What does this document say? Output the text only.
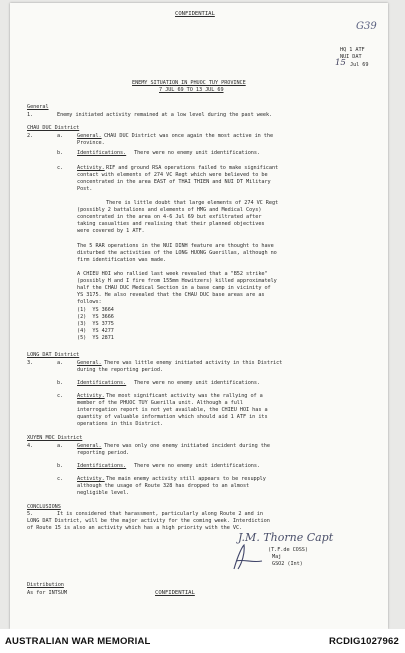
CONFIDENTIAL
G39
HQ 1 ATF
NUI DAT
15 Jul 69
ENEMY SITUATION IN PHUOC TUY PROVINCE
7 JUL 69 TO 13 JUL 69
General
1.	Enemy initiated activity remained at a low level during the past week.
CHAU DUC District
2.	a.	General. CHAU DUC District was once again the most active in the
Province.
b.	Identifications. There were no enemy unit identifications.
c.	Activity. RIF and ground RSA operations failed to make significant
contact with elements of 274 VC Regt which were believed to be
concentrated in the area EAST of THAI THIEN and NUI DT Military
Post.
There is little doubt that large elements of 274 VC Regt
(possibly 2 battalions and elements of HMG and Medical Coys)
concentrated in the area on 4-6 Jul 69 but exfiltrated after
taking casualties and realising that their planned objectives
were covered by 1 ATF.
The 5 RAR operations in the NUI DINH feature are thought to have
disturbed the activities of the LONG HUONG Guerillas, although no
firm identification was made.
A CHIEU HOI who rallied last week revealed that a "B52 strike"
(possibly H and I fire from 155mm Howitzers) killed approximately
half the CHAU DUC Medical Section in a base camp in vicinity of
YS 3175. He also revealed that the CHAU DUC base areas are as
follows:
(1)  YS 3664
(2)  YS 3666
(3)  YS 3775
(4)  YS 4277
(5)  YS 2871
LONG DAT District
3.	a.	General. There was little enemy initiated activity in this District
during the reporting period.
b.	Identifications. There were no enemy unit identifications.
c.	Activity. The most significant activity was the rallying of a
member of the PHUOC TUY Guerilla unit. Although a full
interrogation report is not yet available, the CHIEU HOI has a
quantity of valuable information which should aid 1 ATF in its
operations in this District.
XUYEN MOC District
4.	a.	General. There was only one enemy initiated incident during the
reporting period.
b.	Identifications. There were no enemy unit identifications.
c.	Activity. The main enemy activity still appears to be resupply
although the usage of Route 328 has dropped to an almost
negligible level.
CONCLUSIONS
5.	It is considered that harassment, particularly along Route 2 and in
LONG DAT District, will be the major activity for the coming week. Interdiction
of Route 15 is also an activity which has a high priority with the VC.
J.M. Thorne Capt
(T.F.de COSS)
Maj
GSO2 (Int)
Distribution
As for INTSUM	CONFIDENTIAL
AUSTRALIAN WAR MEMORIAL	RCDIG1027962
